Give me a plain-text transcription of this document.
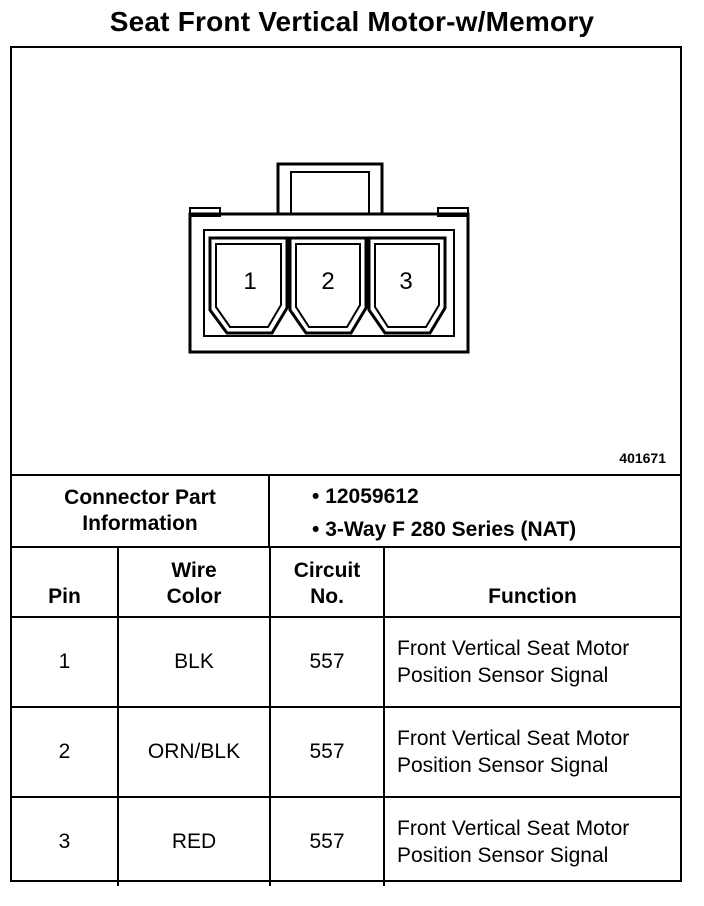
Seat Front Vertical Motor-w/Memory
1	2	3
401671
Connector Part Information
• 12059612
• 3-Way F 280 Series (NAT)
Pin	Wire Color	Circuit No.	Function
1	BLK	557	Front Vertical Seat Motor Position Sensor Signal
2	ORN/BLK	557	Front Vertical Seat Motor Position Sensor Signal
3	RED	557	Front Vertical Seat Motor Position Sensor Signal
